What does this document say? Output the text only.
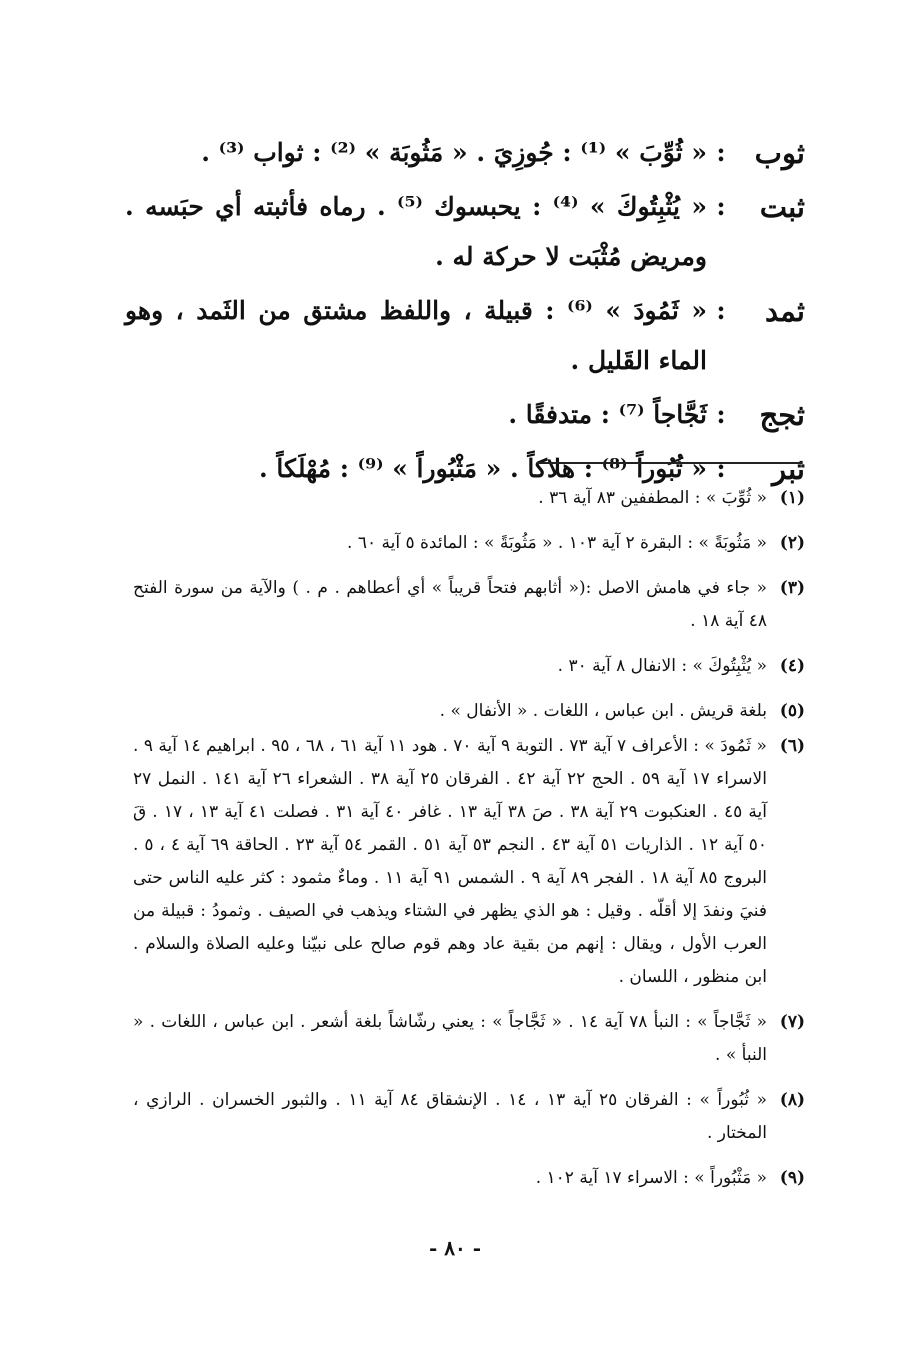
ثوب
:
« ثُوِّبَ » ⁽¹⁾ : جُوزِيَ . « مَثُوبَة » ⁽²⁾ : ثواب ⁽³⁾ .
ثبت
:
« يُثْبِتُوكَ » ⁽⁴⁾ : يحبسوك ⁽⁵⁾ . رماه فأثبته أي حبَسه . ومريض مُثْبَت لا حركة له .
ثمد
:
« ثَمُودَ » ⁽⁶⁾ : قبيلة ، واللفظ مشتق من الثَمد ، وهو الماء القَليل .
ثجج
:
ثَجَّاجاً ⁽⁷⁾ : متدفقًا .
ثبر
:
« ثُبُوراً ⁽⁸⁾ : هلاكاً . « مَثْبُوراً » ⁽⁹⁾ : مُهْلَكاً .
(١)
« ثُوِّبَ » : المطففين ٨٣ آية ٣٦ .
(٢)
« مَثُوبَةً » : البقرة ٢ آية ١٠٣ . « مَثُوبَةً » : المائدة ٥ آية ٦٠ .
(٣)
« جاء في هامش الاصل :(« أثابهم فتحاً قريباً » أي أعطاهم . م . ) والآية من سورة الفتح ٤٨ آية ١٨ .
(٤)
« يُثْبِتُوكَ » : الانفال ٨ آية ٣٠ .
(٥)
بلغة قريش . ابن عباس ، اللغات . « الأنفال » .
(٦)
« ثَمُودَ » : الأعراف ٧ آية ٧٣ . التوبة ٩ آية ٧٠ . هود ١١ آية ٦١ ، ٦٨ ، ٩٥ . ابراهيم ١٤ آية ٩ . الاسراء ١٧ آية ٥٩ . الحج ٢٢ آية ٤٢ . الفرقان ٢٥ آية ٣٨ . الشعراء ٢٦ آية ١٤١ . النمل ٢٧ آية ٤٥ . العنكبوت ٢٩ آية ٣٨ . صَ ٣٨ آية ١٣ . غافر ٤٠ آية ٣١ . فصلت ٤١ آية ١٣ ، ١٧ . قَ ٥٠ آية ١٢ . الذاريات ٥١ آية ٤٣ . النجم ٥٣ آية ٥١ . القمر ٥٤ آية ٢٣ . الحاقة ٦٩ آية ٤ ، ٥ . البروج ٨٥ آية ١٨ . الفجر ٨٩ آية ٩ . الشمس ٩١ آية ١١ . وماءٌ مثمود : كثر عليه الناس حتى فنيَ ونفدَ إلا أقلّه . وقيل : هو الذي يظهر في الشتاء ويذهب في الصيف . وثمودُ : قبيلة من العرب الأول ، ويقال : إنهم من بقية عاد وهم قوم صالح على نبيّنا وعليه الصلاة والسلام . ابن منظور ، اللسان .
(٧)
« ثَجَّاجاً » : النبأ ٧٨ آية ١٤ . « ثَجَّاجاً » : يعني رشّاشاً بلغة أشعر . ابن عباس ، اللغات . « النبأ » .
(٨)
« ثُبُوراً » : الفرقان ٢٥ آية ١٣ ، ١٤ . الإنشقاق ٨٤ آية ١١ . والثبور الخسران . الرازي ، المختار .
(٩)
« مَثْبُوراً » : الاسراء ١٧ آية ١٠٢ .
- ٨٠ -
